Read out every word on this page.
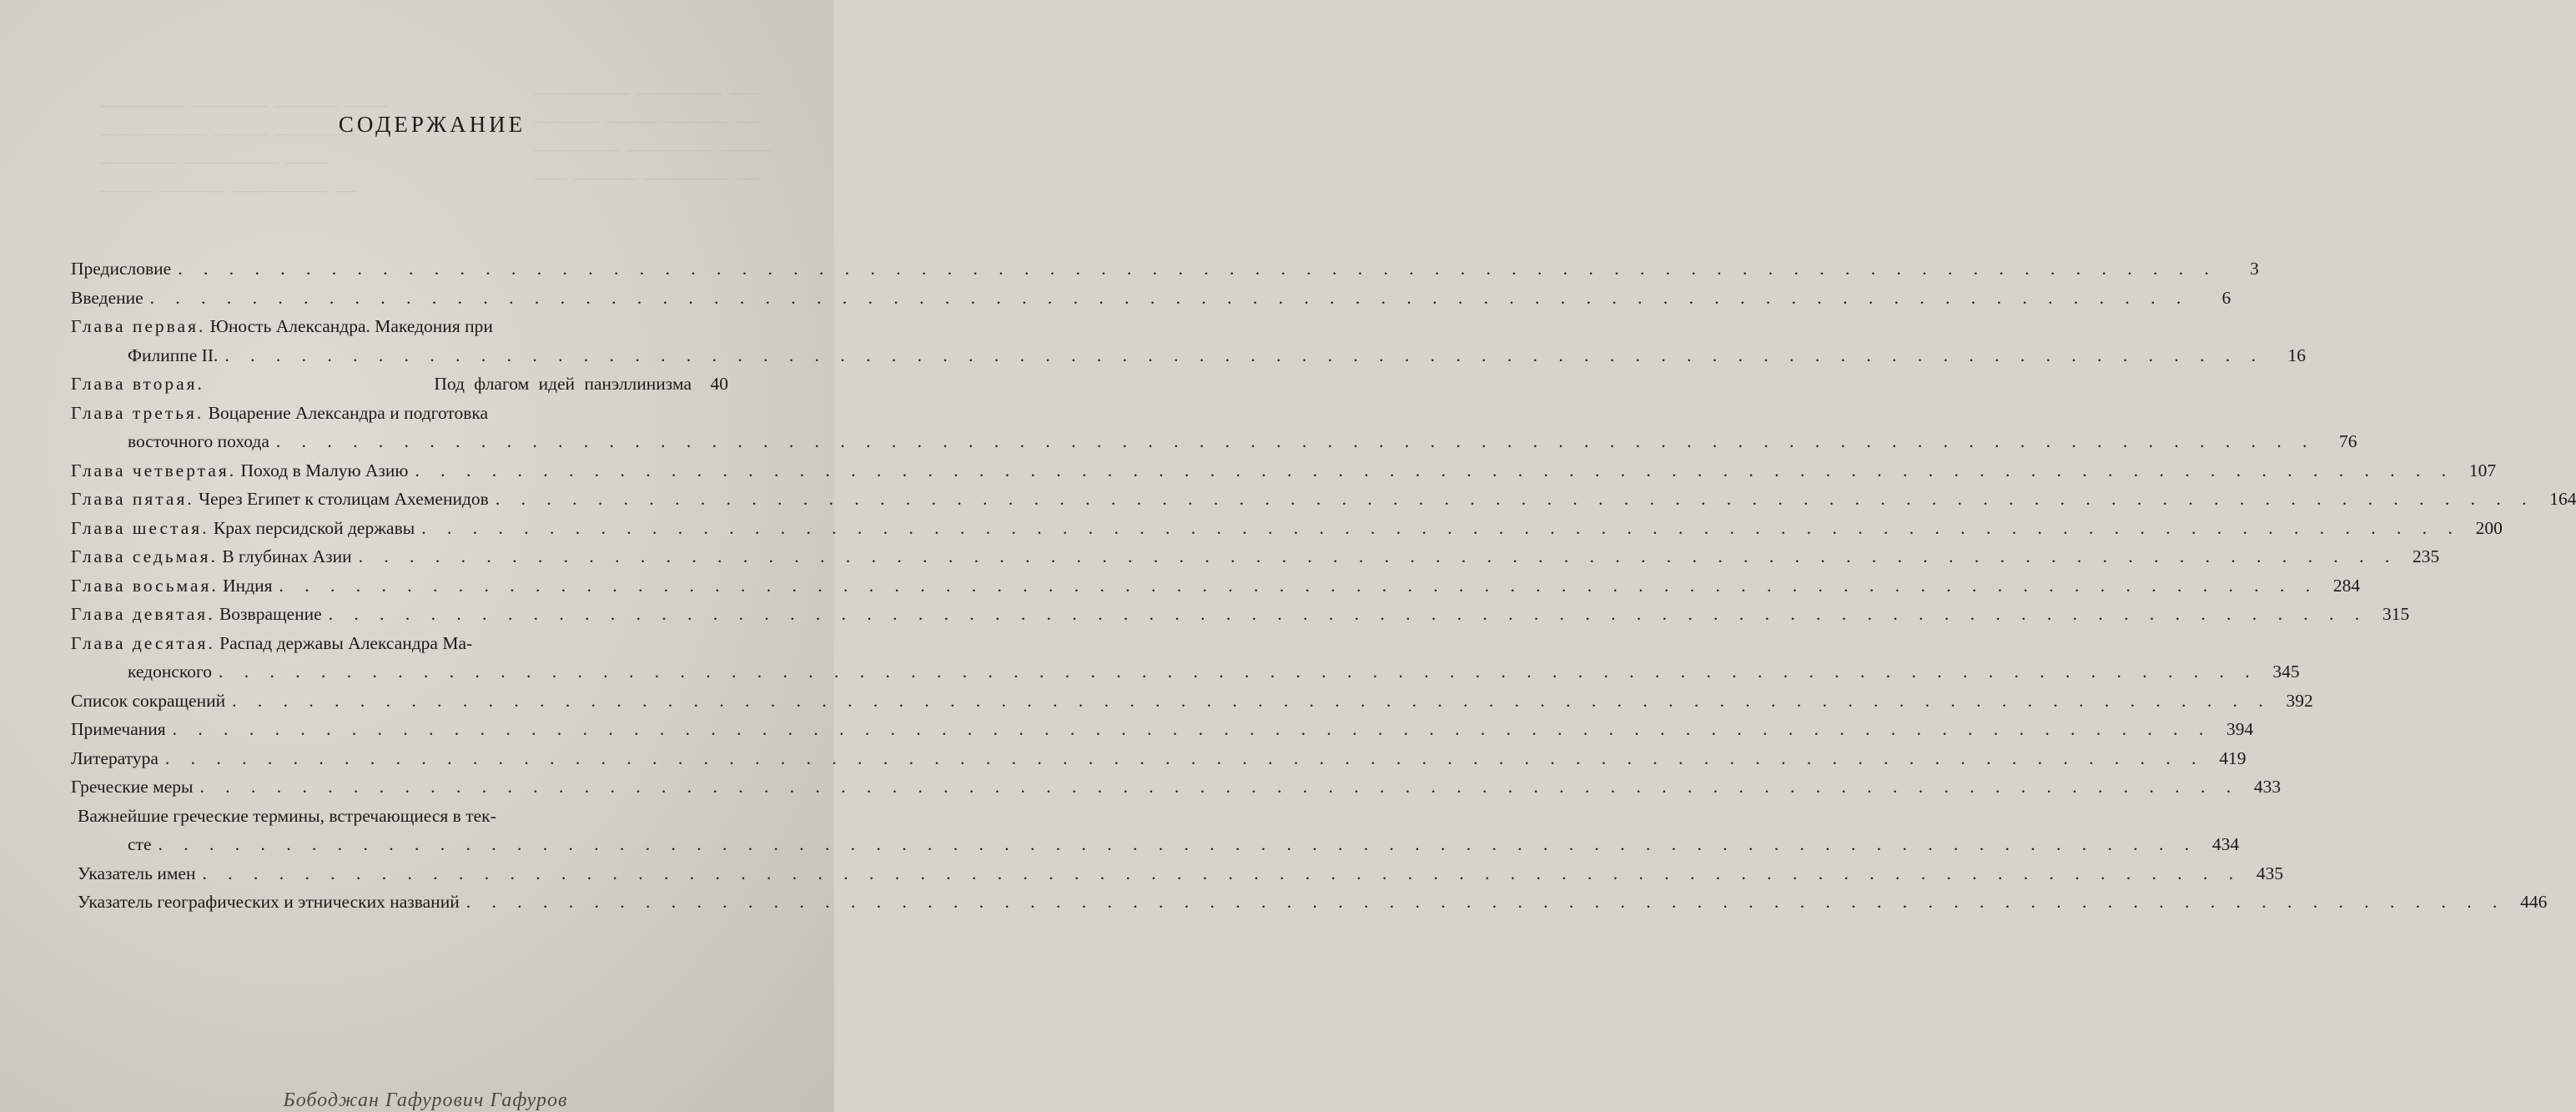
────────  ───────  ──────  ────
──────────  ─────  ────────
───────  ─────────  ────
─────  ──────  ─────────  ──
─────────  ────────  ───
──────  ─────  ──────  ──
────────  ────────  ─────
───  ──────  ────────  ──
СОДЕРЖАНИЕ
Предисловие . . .	3
Введение . . .	6
Глава первая. Юность Александра. Македония при
Филиппе II. . . .	16
Глава вторая.	Под флагом идей панэллинизма	40
Глава третья. Воцарение Александра и подготовка
восточного похода . . .	76
Глава четвертая. Поход в Малую Азию . . .	107
Глава пятая. Через Египет к столицам Ахеменидов . . .	164
Глава шестая. Крах персидской державы . . .	200
Глава седьмая. В глубинах Азии . . .	235
Глава восьмая. Индия . . .	284
Глава девятая. Возвращение . . .	315
Глава десятая. Распад державы Александра Ма-
кедонского . . .	345
Список сокращений . . .	392
Примечания . . .	394
Литература . . .	419
Греческие меры . . .	433
Важнейшие греческие термины, встречающиеся в тек-
сте . . .	434
Указатель имен . . .	435
Указатель географических и этнических названий . . .	446
Бободжан Гафурович Гафуров
